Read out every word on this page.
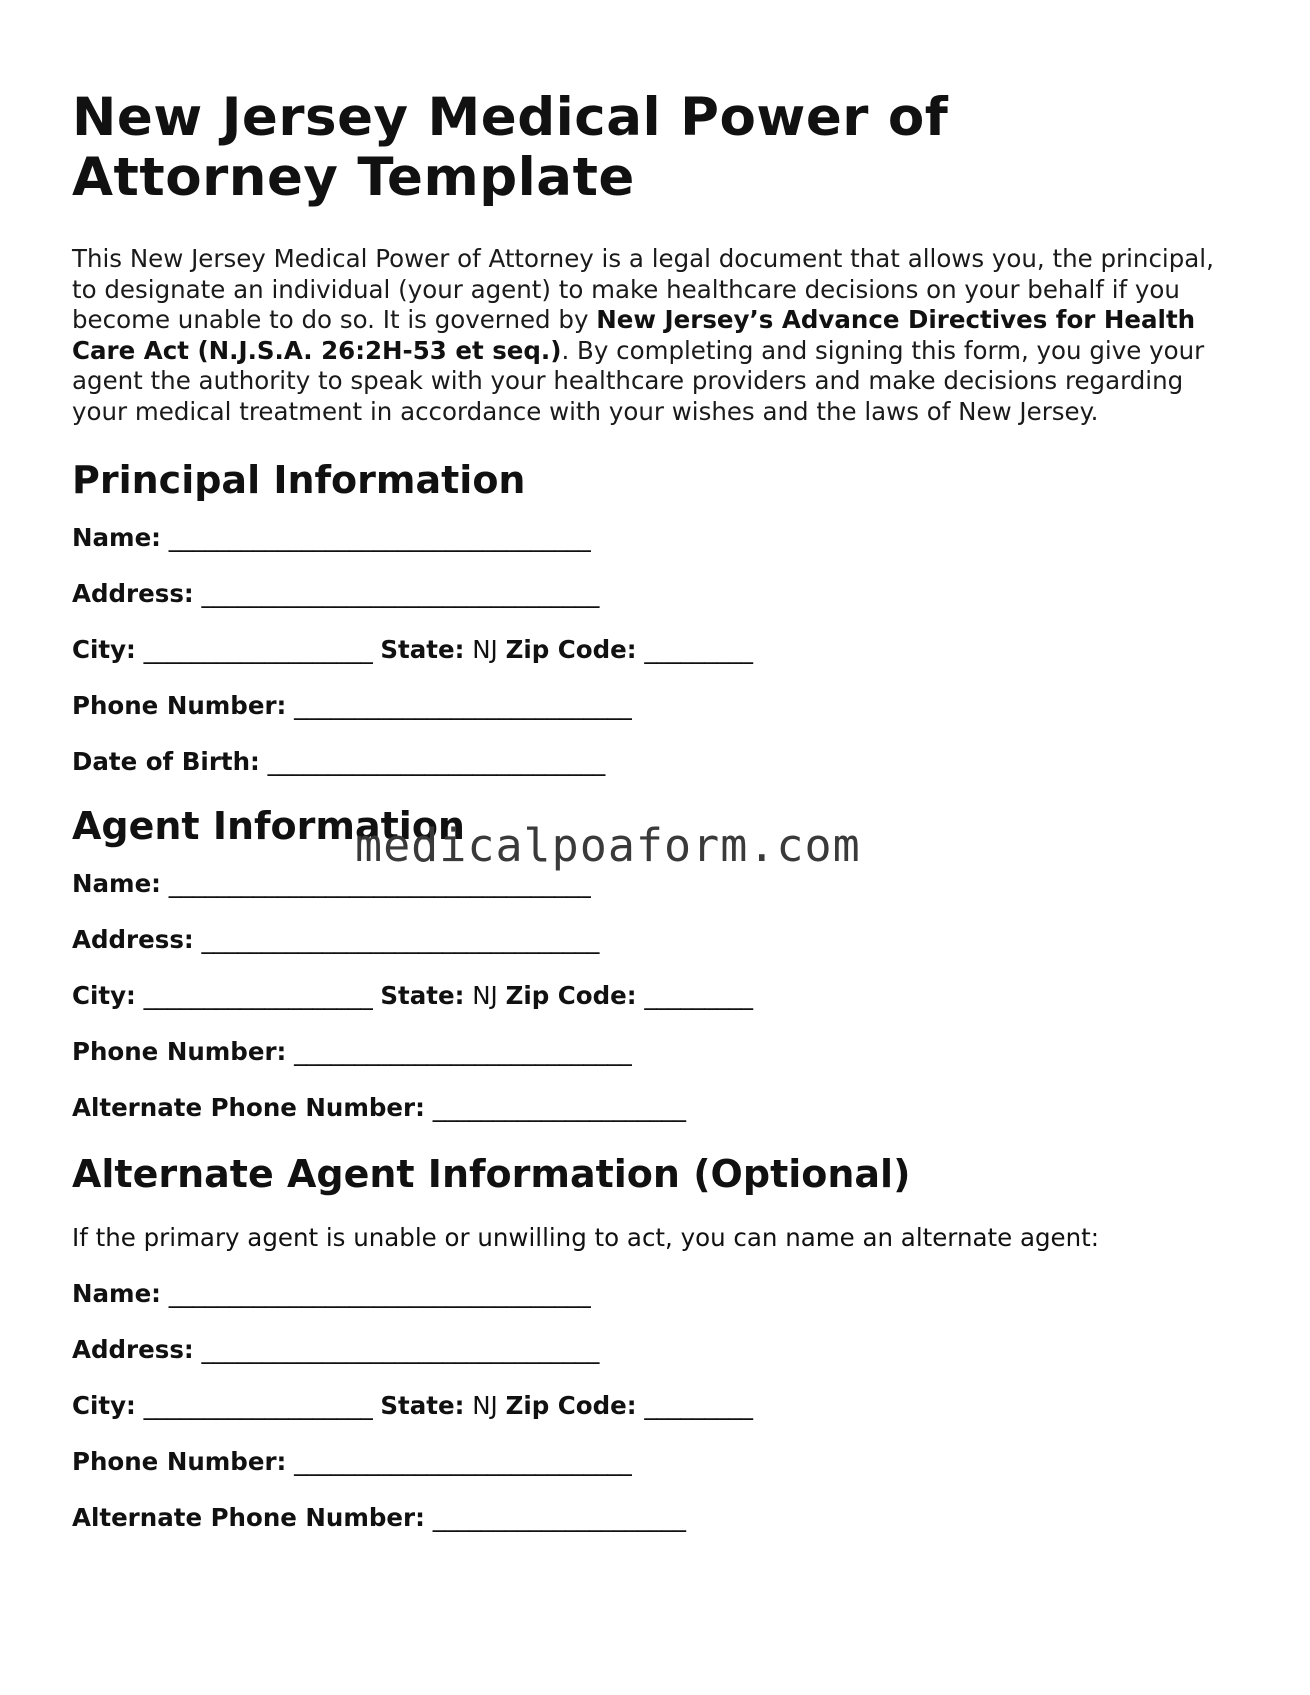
New Jersey Medical Power of Attorney Template

This New Jersey Medical Power of Attorney is a legal document that allows you, the principal, to designate an individual (your agent) to make healthcare decisions on your behalf if you become unable to do so. It is governed by New Jersey’s Advance Directives for Health Care Act (N.J.S.A. 26:2H-53 et seq.). By completing and signing this form, you give your agent the authority to speak with your healthcare providers and make decisions regarding your medical treatment in accordance with your wishes and the laws of New Jersey.

Principal Information
Name: ___________________________________
Address: _________________________________
City: ___________________ State: NJ Zip Code: _________
Phone Number: ____________________________
Date of Birth: ____________________________
Agent Information
Name: ___________________________________
Address: _________________________________
City: ___________________ State: NJ Zip Code: _________
Phone Number: ____________________________
Alternate Phone Number: _____________________
Alternate Agent Information (Optional)

If the primary agent is unable or unwilling to act, you can name an alternate agent:

Name: ___________________________________
Address: _________________________________
City: ___________________ State: NJ Zip Code: _________
Phone Number: ____________________________
Alternate Phone Number: _____________________
medicalpoaform.com
